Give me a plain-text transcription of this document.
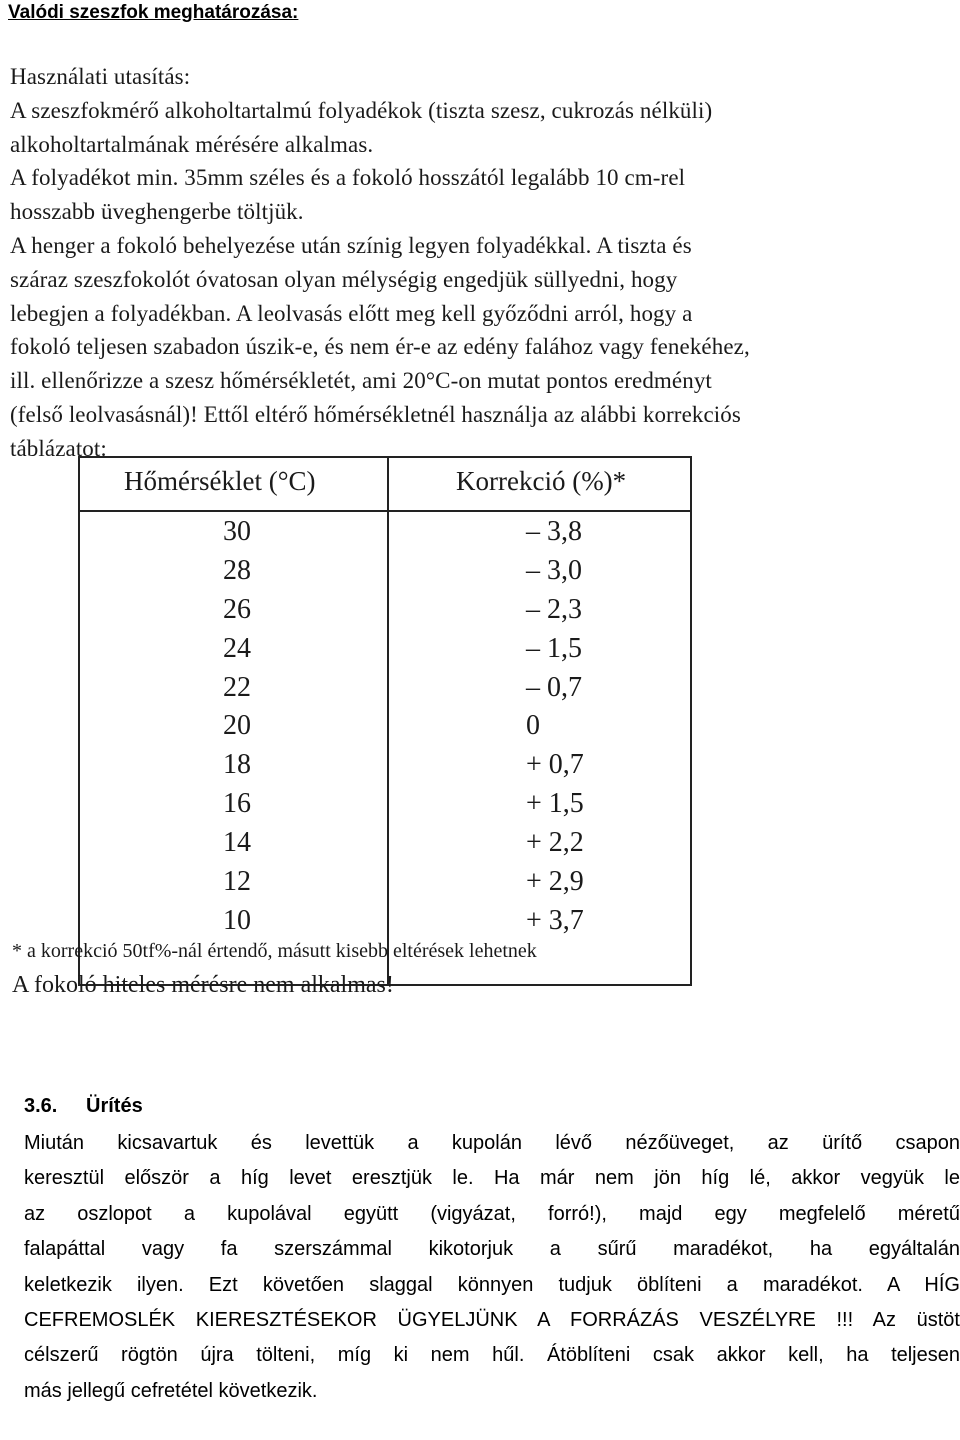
Valódi szeszfok meghatározása:
Használati utasítás:
A szeszfokmérő alkoholtartalmú folyadékok (tiszta szesz, cukrozás nélküli)
alkoholtartalmának mérésére alkalmas.
A folyadékot min. 35mm széles és a fokoló hosszától legalább 10 cm-rel
hosszabb üveghengerbe töltjük.
A henger a fokoló behelyezése után színig legyen folyadékkal. A tiszta és
száraz szeszfokolót óvatosan olyan mélységig engedjük süllyedni, hogy
lebegjen a folyadékban. A leolvasás előtt meg kell győződni arról, hogy a
fokoló teljesen szabadon úszik-e, és nem ér-e az edény falához vagy fenekéhez,
ill. ellenőrizze a szesz hőmérsékletét, ami 20°C-on mutat pontos eredményt
(felső leolvasásnál)! Ettől eltérő hőmérsékletnél használja az alábbi korrekciós
táblázatot:
Hőmérséklet (°C)	Korrekció (%)*
30	– 3,8
28	– 3,0
26	– 2,3
24	– 1,5
22	– 0,7
20	0
18	+ 0,7
16	+ 1,5
14	+ 2,2
12	+ 2,9
10	+ 3,7
* a korrekció 50tf%-nál értendő, másutt kisebb eltérések lehetnek
A fokoló hiteles mérésre nem alkalmas!
3.6. Ürítés
Miután kicsavartuk és levettük a kupolán lévő nézőüveget, az ürítő csapon
keresztül először a híg levet eresztjük le. Ha már nem jön híg lé, akkor vegyük le
az oszlopot a kupolával együtt (vigyázat, forró!), majd egy megfelelő méretű
falapáttal vagy fa szerszámmal kikotorjuk a sűrű maradékot, ha egyáltalán
keletkezik ilyen. Ezt követően slaggal könnyen tudjuk öblíteni a maradékot. A HÍG
CEFREMOSLÉK KIERESZTÉSEKOR ÜGYELJÜNK A FORRÁZÁS VESZÉLYRE !!! Az üstöt
célszerű rögtön újra tölteni, míg ki nem hűl. Átöblíteni csak akkor kell, ha teljesen
más jellegű cefretétel következik.
